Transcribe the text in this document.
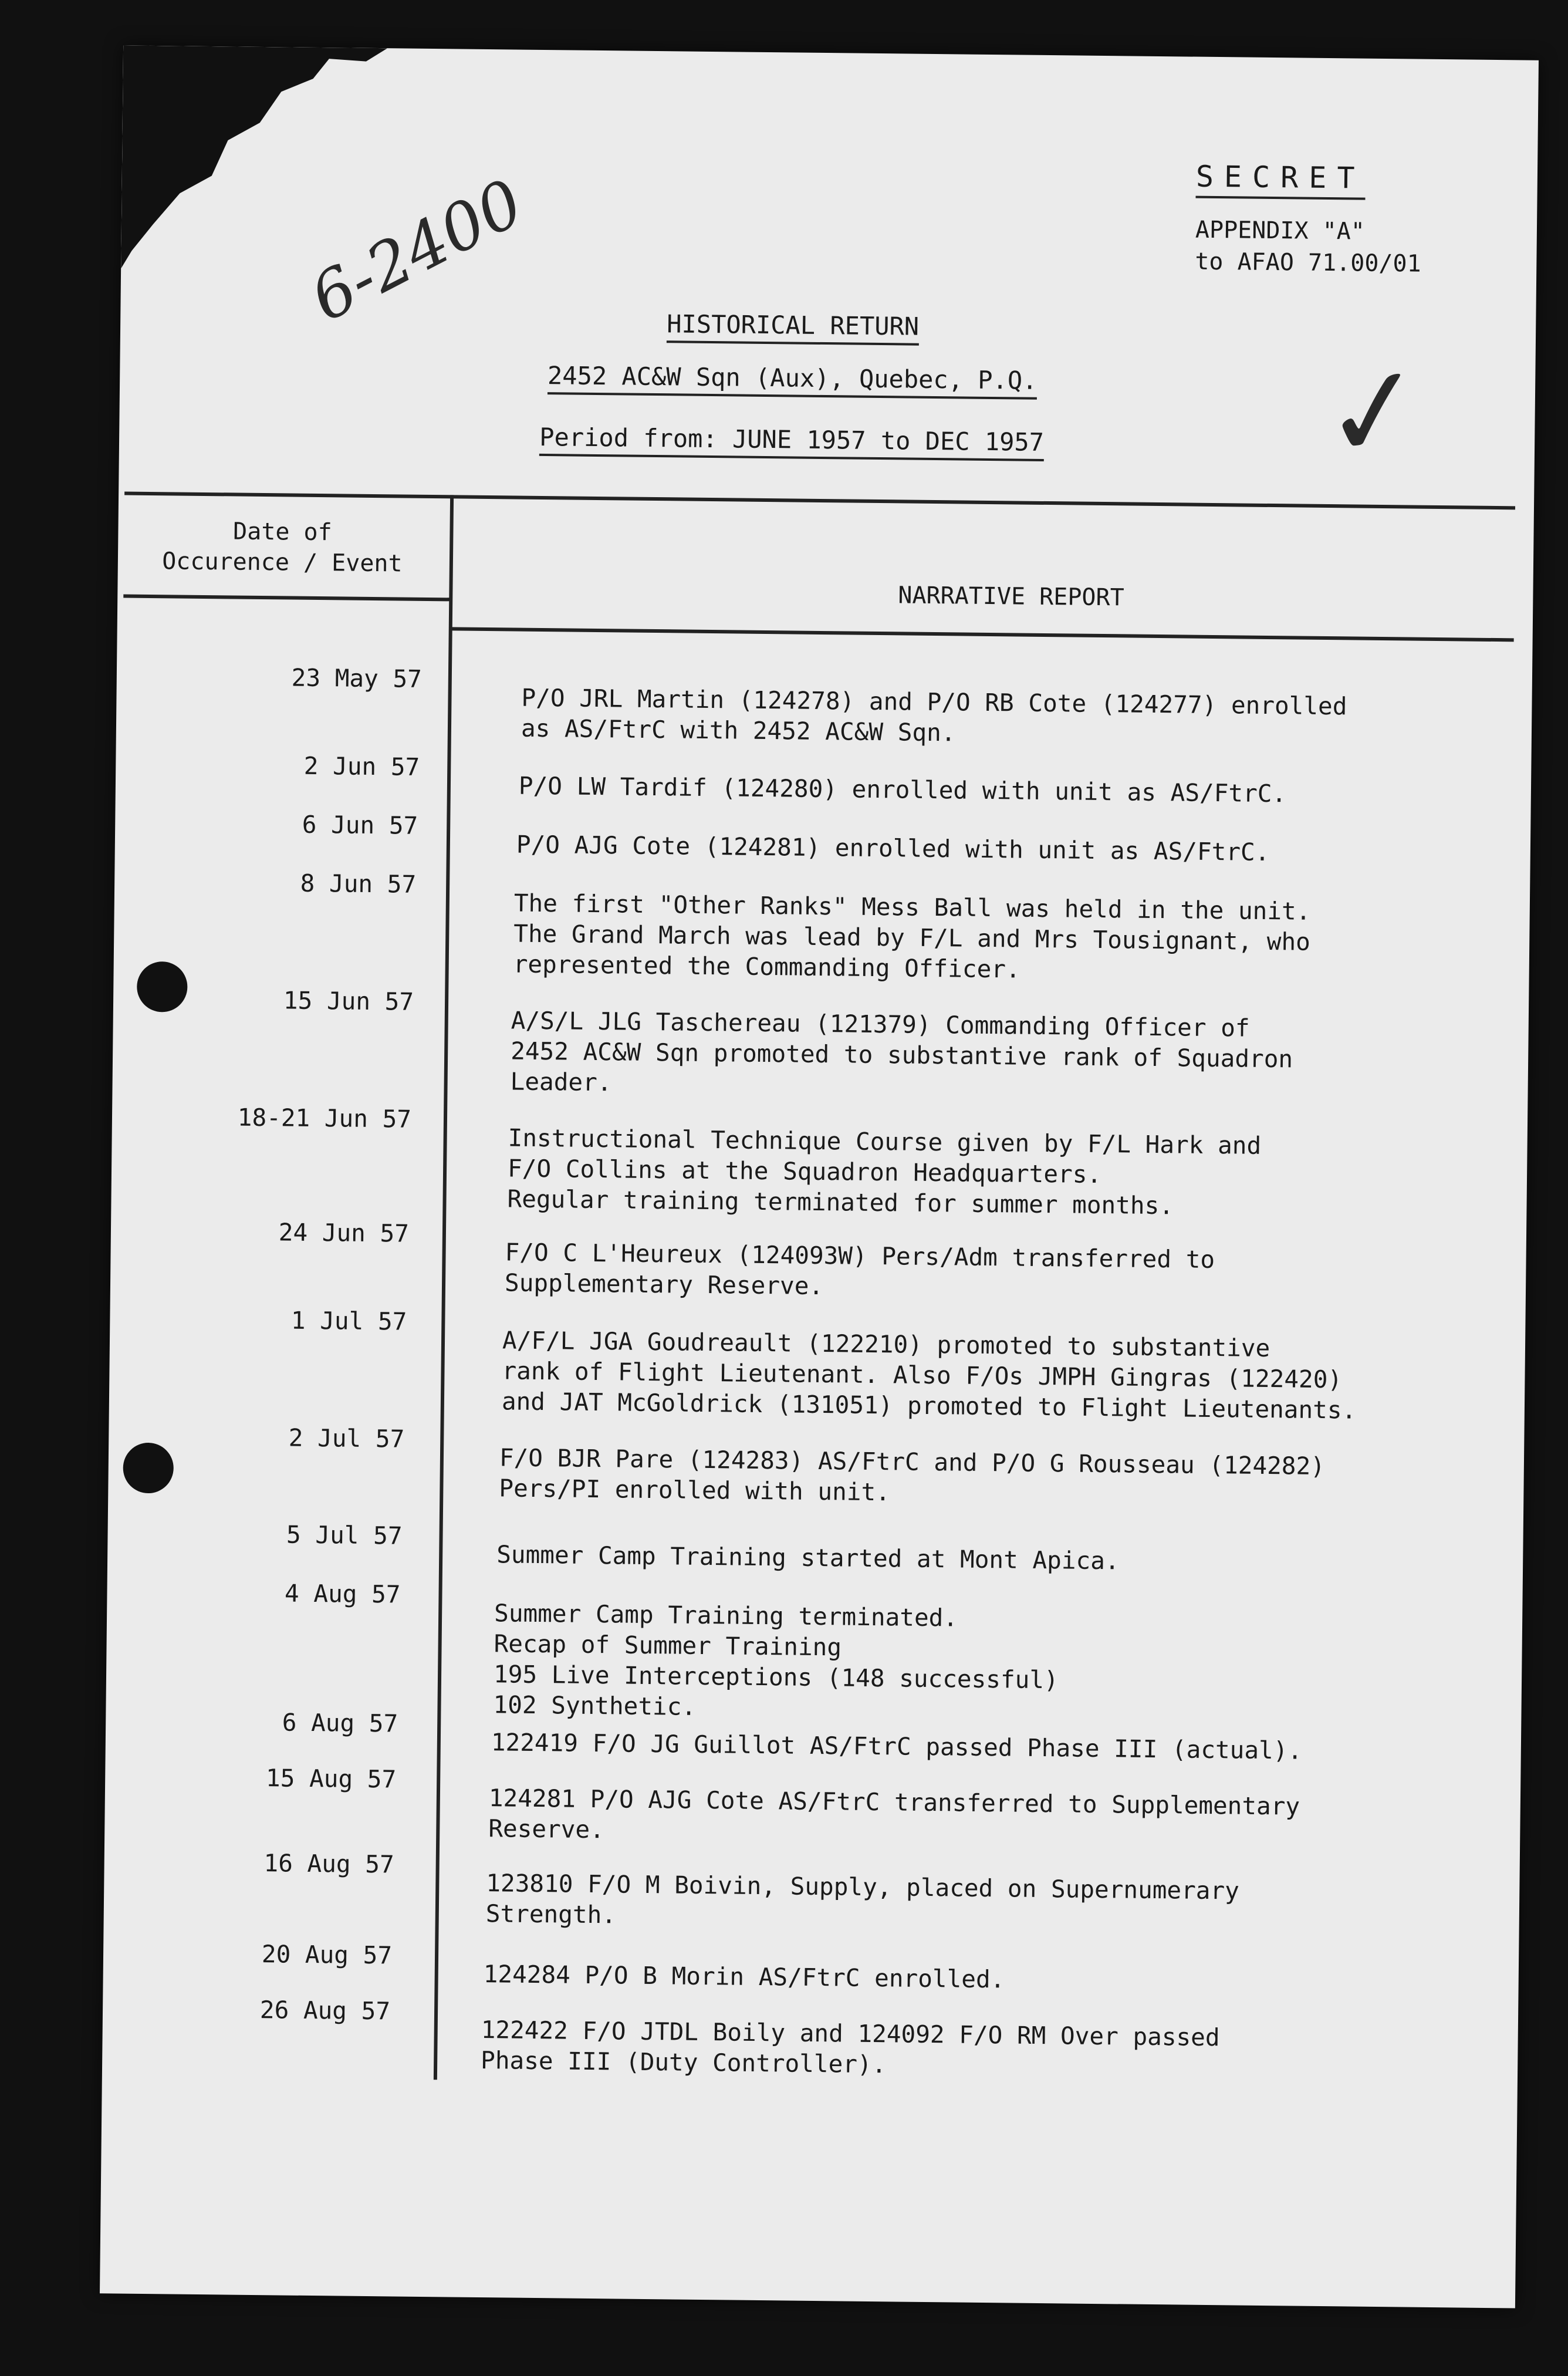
6-2400
✓
SECRET
APPENDIX "A"
to AFAO 71.00/01
HISTORICAL RETURN
2452 AC&W Sqn (Aux), Quebec, P.Q.
Period from: JUNE 1957 to DEC 1957
Date of
Occurence / Event
NARRATIVE REPORT
23 May 57
P/O JRL Martin (124278) and P/O RB Cote (124277) enrolled
as AS/FtrC with 2452 AC&W Sqn.
2 Jun 57
P/O LW Tardif (124280) enrolled with unit as AS/FtrC.
6 Jun 57
P/O AJG Cote (124281) enrolled with unit as AS/FtrC.
8 Jun 57
The first "Other Ranks" Mess Ball was held in the unit.
The Grand March was lead by F/L and Mrs Tousignant, who
represented the Commanding Officer.
15 Jun 57
A/S/L JLG Taschereau (121379) Commanding Officer of
2452 AC&W Sqn promoted to substantive rank of Squadron
Leader.
18-21 Jun 57
Instructional Technique Course given by F/L Hark and
F/O Collins at the Squadron Headquarters.
Regular training terminated for summer months.
24 Jun 57
F/O C L'Heureux (124093W) Pers/Adm transferred to
Supplementary Reserve.
1 Jul 57
A/F/L JGA Goudreault (122210) promoted to substantive
rank of Flight Lieutenant. Also F/Os JMPH Gingras (122420)
and JAT McGoldrick (131051) promoted to Flight Lieutenants.
2 Jul 57
F/O BJR Pare (124283) AS/FtrC and P/O G Rousseau (124282)
Pers/PI enrolled with unit.
5 Jul 57
Summer Camp Training started at Mont Apica.
4 Aug 57
Summer Camp Training terminated.
Recap of Summer Training
195 Live Interceptions (148 successful)
102 Synthetic.
6 Aug 57
122419 F/O JG Guillot AS/FtrC passed Phase III (actual).
15 Aug 57
124281 P/O AJG Cote AS/FtrC transferred to Supplementary
Reserve.
16 Aug 57
123810 F/O M Boivin, Supply, placed on Supernumerary
Strength.
20 Aug 57
124284 P/O B Morin AS/FtrC enrolled.
26 Aug 57
122422 F/O JTDL Boily and 124092 F/O RM Over passed
Phase III (Duty Controller).
